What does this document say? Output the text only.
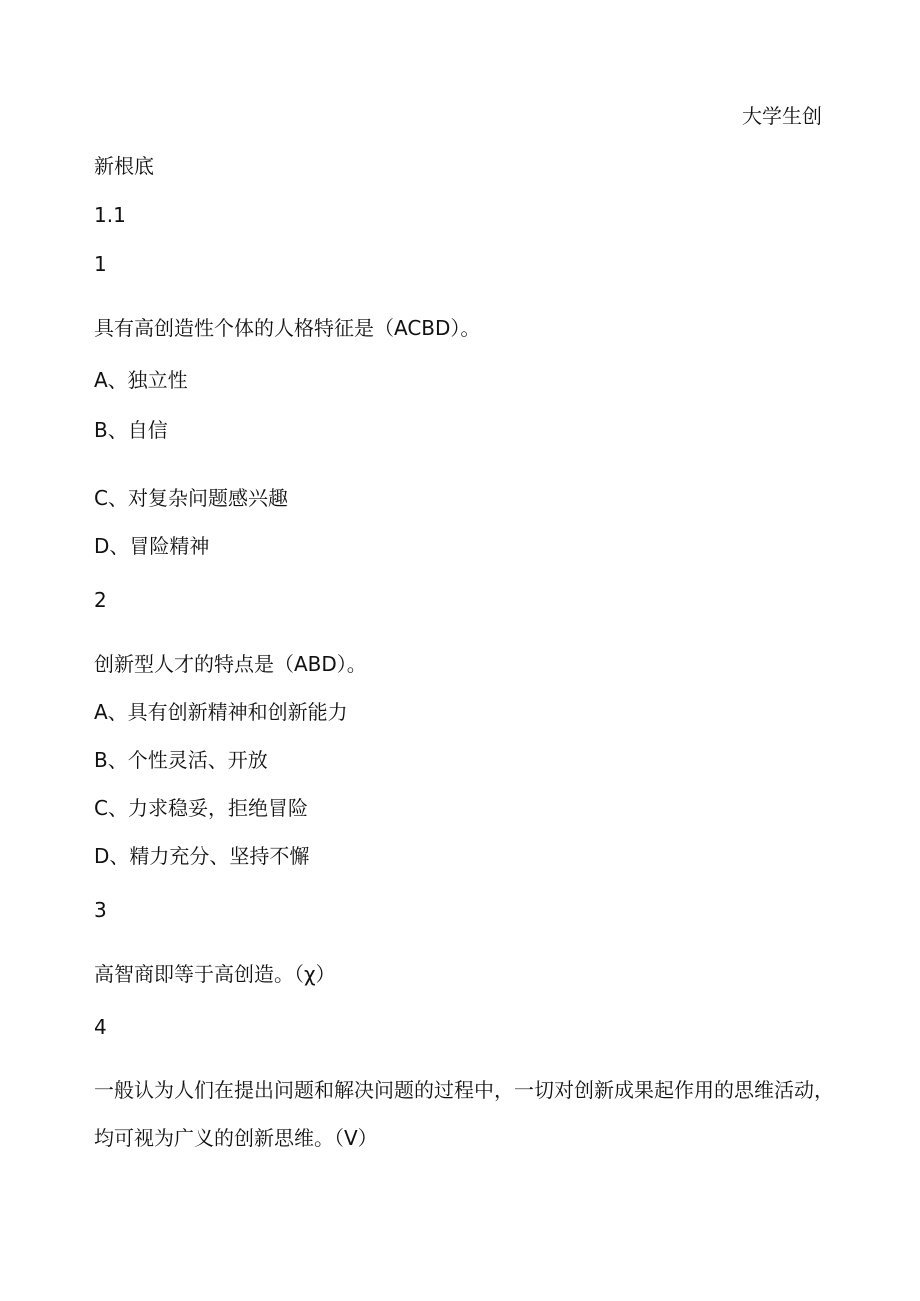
大学生创
新根底
1.1
1
具有高创造性个体的人格特征是（ACBD）。
A、独立性
B、自信
C、对复杂问题感兴趣
D、冒险精神
2
创新型人才的特点是（ABD）。
A、具有创新精神和创新能力
B、个性灵活、开放
C、力求稳妥，拒绝冒险
D、精力充分、坚持不懈
3
高智商即等于高创造。（χ）
4
一般认为人们在提出问题和解决问题的过程中，一切对创新成果起作用的思维活动，均可视为广义的创新思维。（V）
